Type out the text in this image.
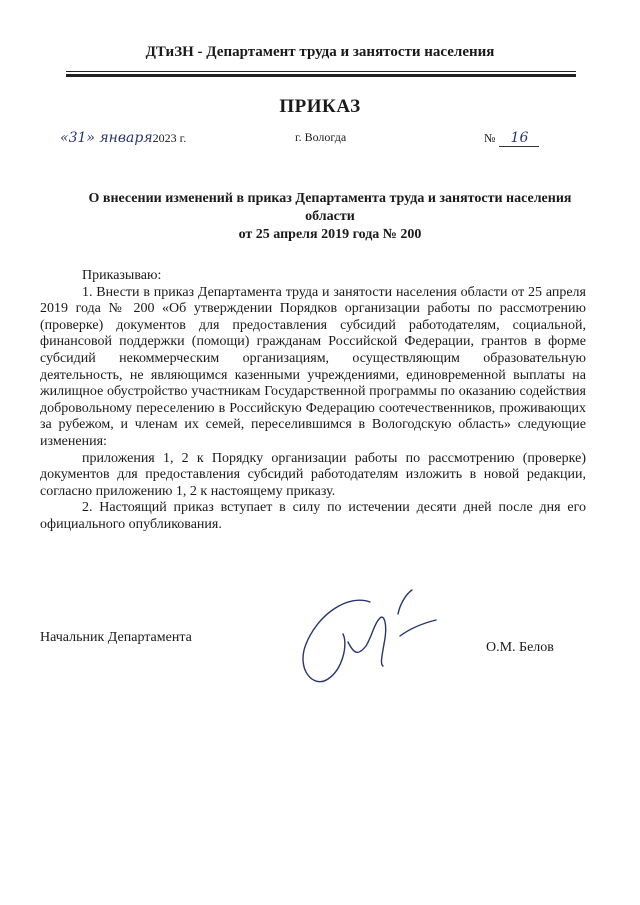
ДТиЗН - Департамент труда и занятости населения
ПРИКАЗ
«31» января2023 г.	г. Вологда	№ 16
О внесении изменений в приказ Департамента труда и занятости населения
области
от 25 апреля 2019 года № 200

Приказываю:

1. Внести в приказ Департамента труда и занятости населения области от 25 апреля 2019 года № 200 «Об утверждении Порядков организации работы по рассмотрению (проверке) документов для предоставления субсидий работодателям, социальной, финансовой поддержки (помощи) гражданам Российской Федерации, грантов в форме субсидий некоммерческим организациям, осуществляющим образовательную деятельность, не являющимся казенными учреждениями, единовременной выплаты на жилищное обустройство участникам Государственной программы по оказанию содействия добровольному переселению в Российскую Федерацию соотечественников, проживающих за рубежом, и членам их семей, переселившимся в Вологодскую область» следующие изменения:

приложения 1, 2 к Порядку организации работы по рассмотрению (проверке) документов для предоставления субсидий работодателям изложить в новой редакции, согласно приложению 1, 2 к настоящему приказу.

2. Настоящий приказ вступает в силу по истечении десяти дней после дня его официального опубликования.

Начальник Департамента
О.М. Белов
